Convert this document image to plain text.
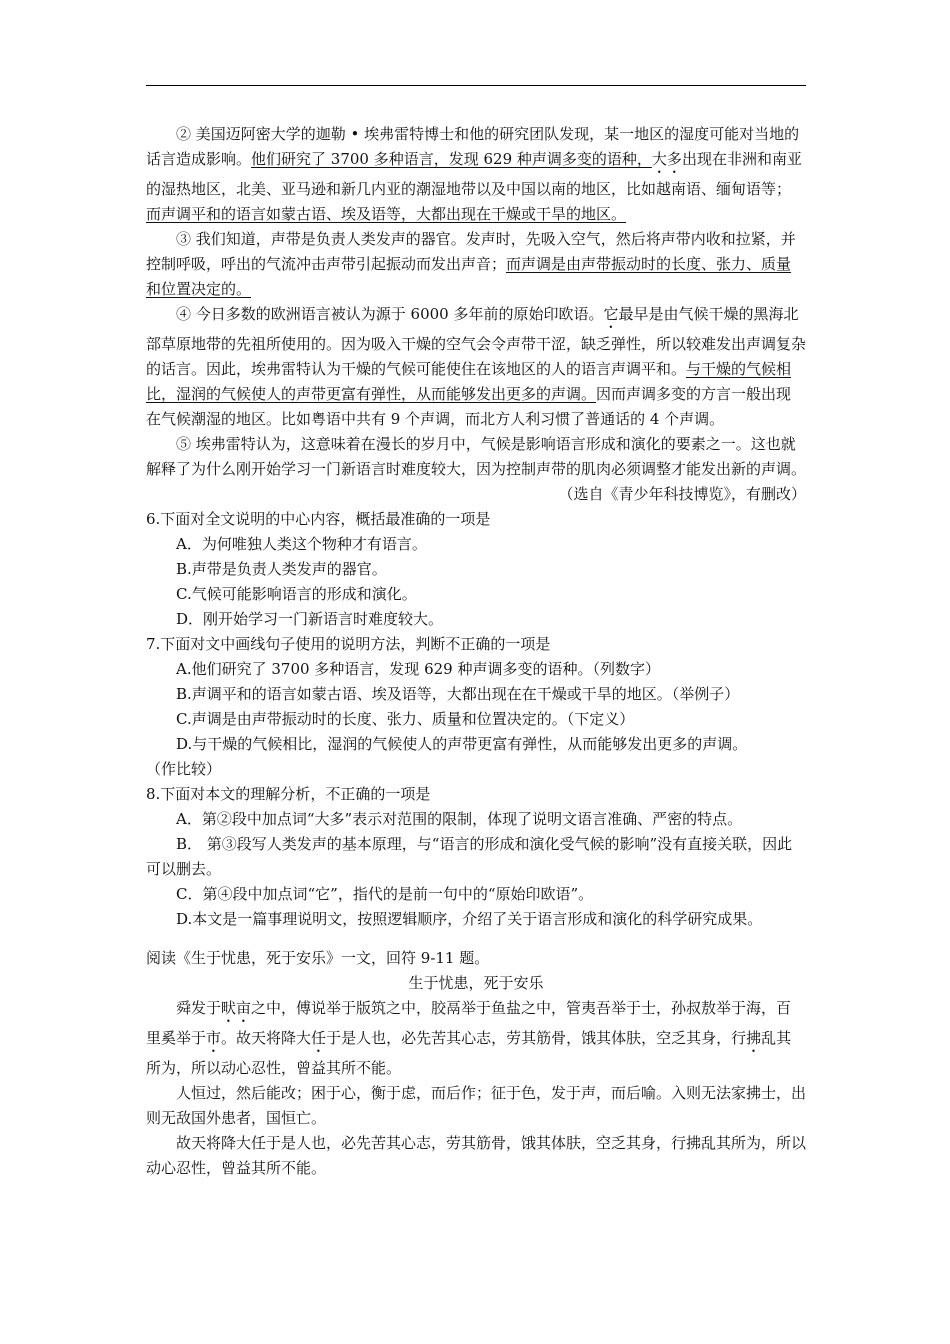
② 美国迈阿密大学的迦勒 • 埃弗雷特博士和他的研究团队发现，某一地区的湿度可能对当地的话言造成影响。他们研究了 3700 多种语言，发现 629 种声调多变的语种，大多出现在非洲和南亚的湿热地区，北美、亚马逊和新几内亚的潮湿地带以及中国以南的地区，比如越南语、缅甸语等；而声调平和的语言如蒙古语、埃及语等，大都出现在干燥或干旱的地区。

③ 我们知道，声带是负责人类发声的器官。发声时，先吸入空气，然后将声带内收和拉紧，并控制呼吸，呼出的气流冲击声带引起振动而发出声音；而声调是由声带振动时的长度、张力、质量和位置决定的。

④ 今日多数的欧洲语言被认为源于 6000 多年前的原始印欧语。它最早是由气候干燥的黑海北部草原地带的先祖所使用的。因为吸入干燥的空气会令声带干涩，缺乏弹性，所以较难发出声调复杂的话言。因此，埃弗雷特认为干燥的气候可能使住在该地区的人的语言声调平和。与干燥的气候相比，湿润的气候使人的声带更富有弹性，从而能够发出更多的声调。因而声调多变的方言一般出现在气候潮湿的地区。比如粤语中共有 9 个声调，而北方人利习惯了普通话的 4 个声调。

⑤ 埃弗雷特认为，这意味着在漫长的岁月中，气候是影响语言形成和演化的要素之一。这也就解释了为什么刚开始学习一门新语言时难度较大，因为控制声带的肌肉必须调整才能发出新的声调。

（选自《青少年科技博览》，有删改）

6.下面对全文说明的中心内容，概括最准确的一项是

A．为何唯独人类这个物种才有语言。

B.声带是负责人类发声的器官。

C.气候可能影响语言的形成和演化。

D．刚开始学习一门新语言时难度较大。

7.下面对文中画线句子使用的说明方法，判断不正确的一项是

A.他们研究了 3700 多种语言，发现 629 种声调多变的语种。（列数字）

B.声调平和的语言如蒙古语、埃及语等，大都出现在在干燥或干旱的地区。（举例子）

C.声调是由声带振动时的长度、张力、质量和位置决定的。（下定义）

D.与干燥的气候相比，湿润的气候使人的声带更富有弹性，从而能够发出更多的声调。

（作比较）

8.下面对本文的理解分析，不正确的一项是

A．第②段中加点词“大多”表示对范围的限制，体现了说明文语言准确、严密的特点。

B． 第③段写人类发声的基本原理，与“语言的形成和演化受气候的影响”没有直接关联，因此可以删去。

C．第④段中加点词“它”，指代的是前一句中的“原始印欧语”。

D.本文是一篇事理说明文，按照逻辑顺序，介绍了关于语言形成和演化的科学研究成果。

阅读《生于忧患，死于安乐》一文，回符 9-11 题。

生于忧患，死于安乐

舜发于畎亩之中，傅说举于版筑之中，胶鬲举于鱼盐之中，管夷吾举于士，孙叔敖举于海，百里奚举于市。故天将降大任于是人也，必先苦其心志，劳其筋骨，饿其体肤，空乏其身，行拂乱其所为，所以动心忍性，曾益其所不能。

人恒过，然后能改；困于心，衡于虑，而后作；征于色，发于声，而后喻。入则无法家拂士，出则无敌国外患者，国恒亡。

故天将降大任于是人也，必先苦其心志，劳其筋骨，饿其体肤，空乏其身，行拂乱其所为，所以动心忍性，曾益其所不能。
